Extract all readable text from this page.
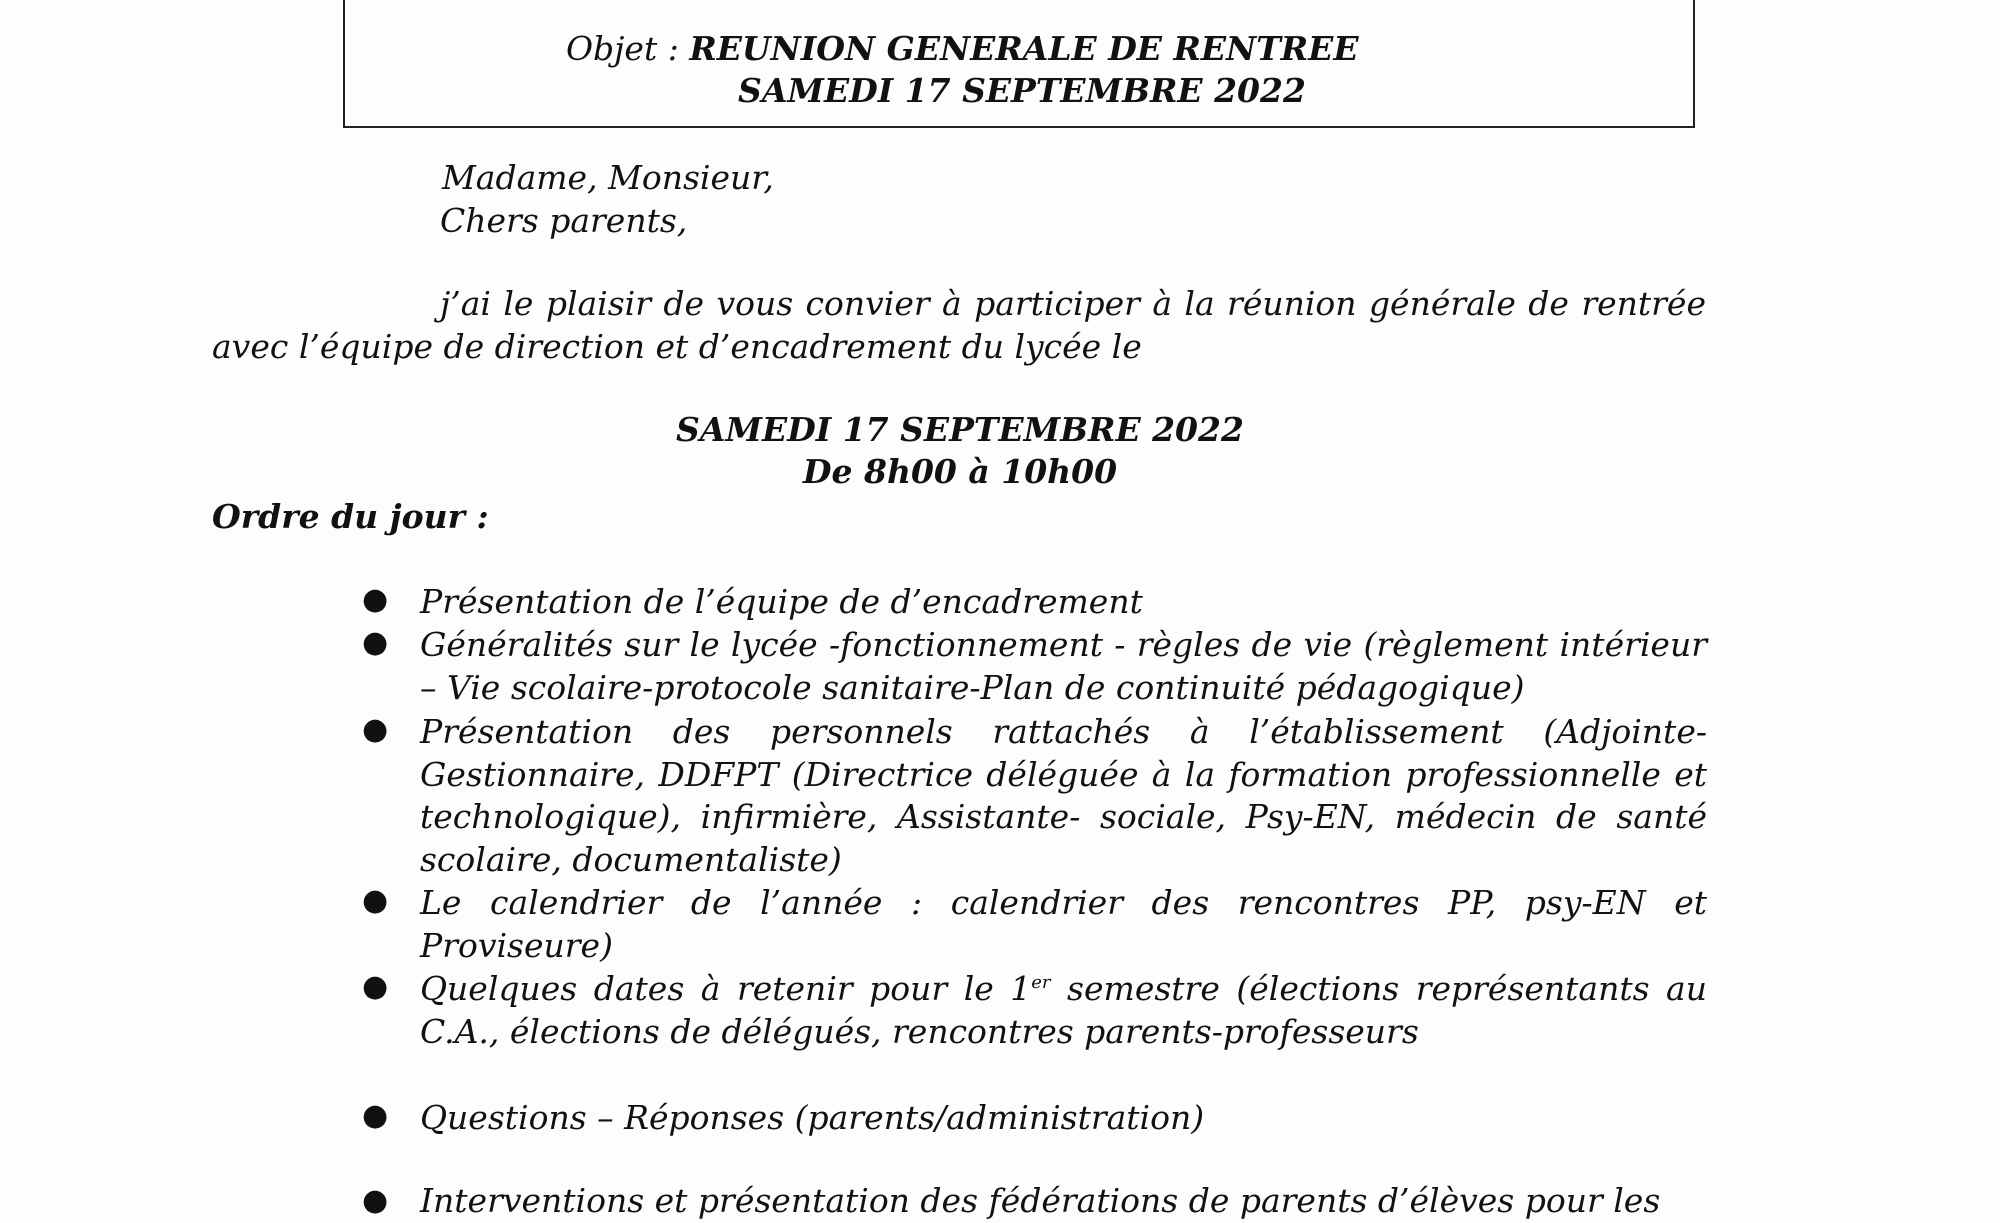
Objet : REUNION GENERALE DE RENTREE
SAMEDI 17 SEPTEMBRE 2022
Madame, Monsieur,
Chers parents,
j’ai le plaisir de vous convier à participer à la réunion générale de rentrée
avec l’équipe de direction et d’encadrement du lycée le
SAMEDI 17 SEPTEMBRE 2022
De 8h00 à 10h00
Ordre du jour :
● Présentation de l’équipe de d’encadrement
● Généralités sur le lycée -fonctionnement - règles de vie (règlement intérieur – Vie scolaire-protocole sanitaire-Plan de continuité pédagogique)
● Présentation des personnels rattachés à l’établissement (Adjointe-Gestionnaire, DDFPT (Directrice déléguée à la formation professionnelle et technologique), infirmière, Assistante- sociale, Psy-EN, médecin de santé scolaire, documentaliste)
● Le calendrier de l’année : calendrier des rencontres PP, psy-EN et Proviseure)
● Quelques dates à retenir pour le 1er semestre (élections représentants au C.A., élections de délégués, rencontres parents-professeurs
● Questions – Réponses (parents/administration)
● Interventions et présentation des fédérations de parents d’élèves pour les
